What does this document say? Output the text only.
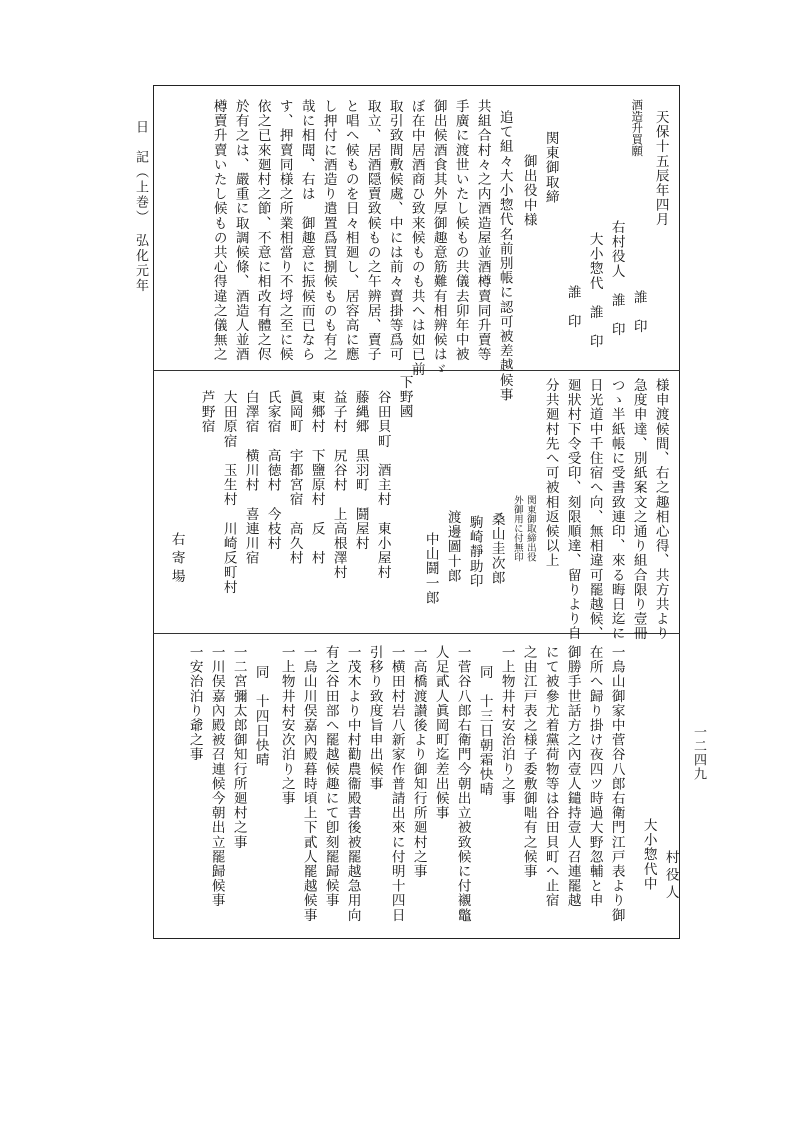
日　記（上巻）　弘化元年
一二四九
天保十五辰年四月
酒造升買願
誰　印
右村役人　誰　印
大小惣代　誰　印
誰　印
関東御取締
御出役中様
追て組々大小惣代名前別帳に認可被差越候事
共組合村々之内酒造屋並酒樽賣同升賣等
手廣に渡世いたし候もの共儀去卯年中被
御出候酒食其外厚御趣意筋難有相辨候はゞ
ぼ在中居酒商ひ致来候ものも共へは如已前
取引致間敷候處、中には前々賣掛等爲可
取立、居酒隠賣致候もの之午辨居、賣子
と唱へ候ものを日々相廻し、居容高に應
し押付に酒造り遣置爲買捌候ものも有之
哉に相聞、右は　御趣意に振候而已なら
す、押賣同様之所業相當り不埒之至に候
依之已來廻村之節、不意に相改有體之侭
於有之は、嚴重に取調候條、酒造人並酒
樽賣升賣いたし候もの共心得違之儀無之
様申渡候間、右之趣相心得、共方共より
急度申達、別紙案文之通り組合限り壹冊
つゝ半紙帳に受書致連印、來る晦日迄に
日光道中千住宿へ向、無相違可罷越候、
廻狀村下令受印、刻限順達、留りより自
分共廻村先へ可被相返候以上
関東御取締出役
外御用に付無印
桑山圭次郎
駒崎靜助印
渡邊圖十郎
中山鬪一郎
下野國
谷田貝町　酒主村　東小屋村
藤縄郷　黒羽町　鬪屋村
益子村　尻谷村　上高根澤村
東郷村　下鹽原村　反　村
眞岡町　宇都宮宿　高久村
氏家宿　高徳村　今枝村
白澤宿　横川村　喜連川宿
大田原宿　玉生村　川崎反町村
芦野宿
右寄場
村役人
大小惣代中
一鳥山御家中菅谷八郎右衛門江戸表より御
在所へ歸り掛け夜四ツ時過大野忽輔と申
御勝手世話方之內壹人鑓持壹人召連罷越
にて被參尤着黨荷物等は谷田貝町へ止宿
之由江戸表之様子委敷御咄有之候事
一上物井村安治泊り之事
同　十三日朝霜快晴
一菅谷八郎右衛門今朝出立被致候に付襯鼈
人足貳人眞岡町迄差出候事
一高橋渡讃後より御知行所廻村之事
一横田村岩八新家作普請出來に付明十四日
引移り致度旨申出候事
一茂木より中村勸農衞殿書後被罷越急用向
有之谷田部へ罷越候趣にて卽刻罷歸候事
一鳥山川俣嘉內殿暮時頃上下貳人罷越候事
一上物井村安次泊り之事
同　十四日快晴
一二宮彌太郎御知行所廻村之事
一川俣嘉內殿被召連候今朝出立罷歸候事
一安治泊り爺之事
